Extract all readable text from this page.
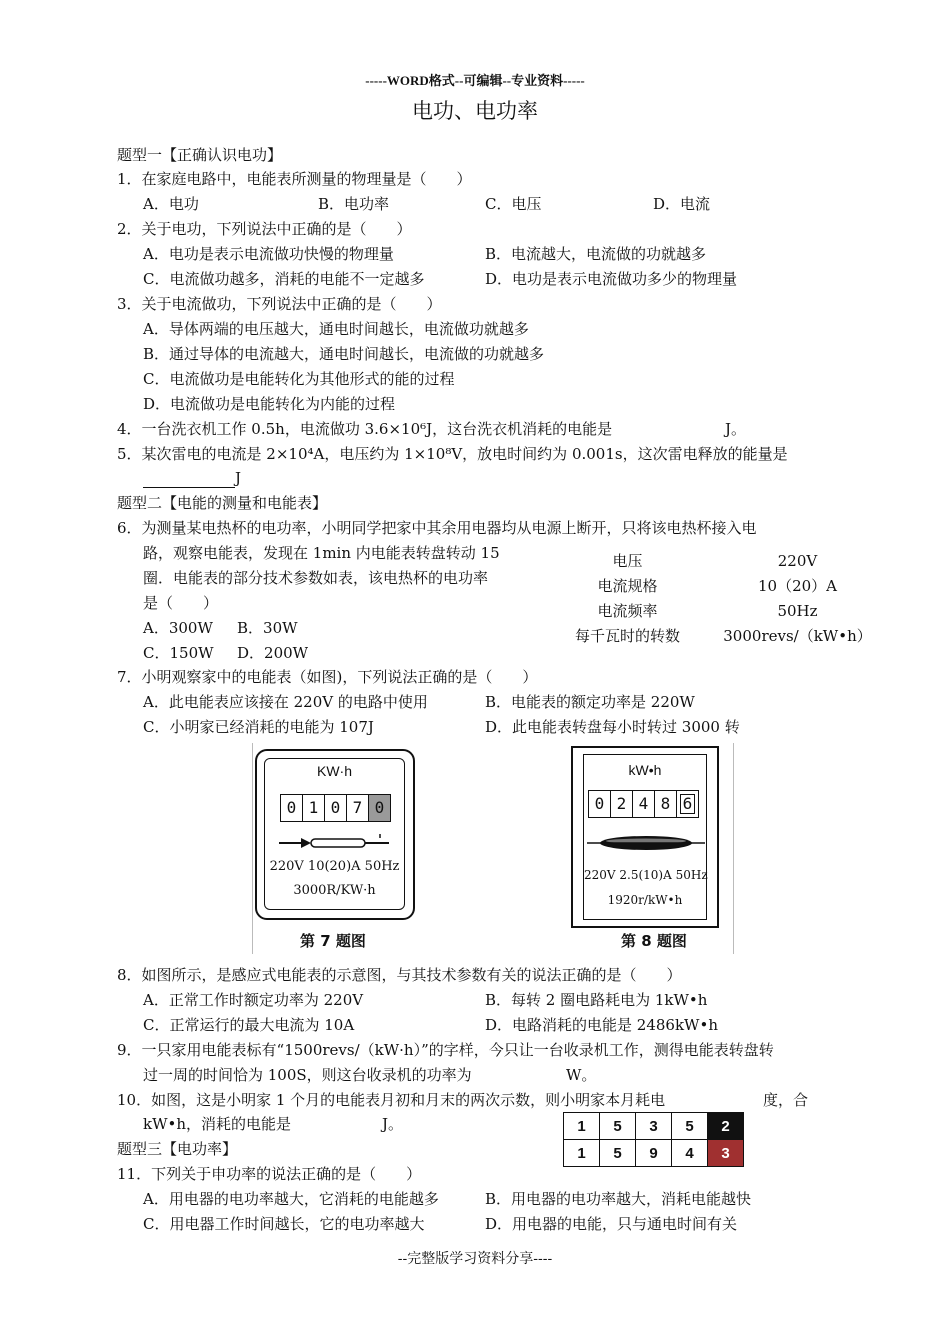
-----WORD格式--可编辑--专业资料-----
电功、电功率
题型一【正确认识电功】
1．在家庭电路中，电能表所测量的物理量是（　　）
A．电功	B．电功率	C．电压	D．电流
2．关于电功，下列说法中正确的是（　　）
A．电功是表示电流做功快慢的物理量	B．电流越大，电流做的功就越多
C．电流做功越多，消耗的电能不一定越多	D．电功是表示电流做功多少的物理量
3．关于电流做功，下列说法中正确的是（　　）
A．导体两端的电压越大，通电时间越长，电流做功就越多
B．通过导体的电流越大，通电时间越长，电流做的功就越多
C．电流做功是电能转化为其他形式的能的过程
D．电流做功是电能转化为内能的过程
4．一台洗衣机工作 0.5h，电流做功 3.6×10⁶J，这台洗衣机消耗的电能是	J。
5．某次雷电的电流是 2×10⁴A，电压约为 1×10⁸V，放电时间约为 0.001s，这次雷电释放的能量是
J
题型二【电能的测量和电能表】
6．为测量某电热杯的电功率，小明同学把家中其余用电器均从电源上断开，只将该电热杯接入电
路，观察电能表，发现在 1min 内电能表转盘转动 15
圈．电能表的部分技术参数如表，该电热杯的电功率
是（　　）
A．300W B．30W
C．150W D．200W
电压	220V
电流规格	10（20）A
电流频率	50Hz
每千瓦时的转数	3000revs/（kW•h）
7．小明观察家中的电能表（如图)，下列说法正确的是（　　）
A．此电能表应该接在 220V 的电路中使用	B．电能表的额定功率是 220W
C．小明家已经消耗的电能为 107J	D．此电能表转盘每小时转过 3000 转
KW·h
0 1 0 7 0
220V 10(20)A 50Hz
3000R/KW·h
第 7 题图
kW•h
0 2 4 8 6
220V 2.5(10)A 50Hz
1920r/kW•h
第 8 题图
8．如图所示，是感应式电能表的示意图，与其技术参数有关的说法正确的是（　　）
A．正常工作时额定功率为 220V	B．每转 2 圈电路耗电为 1kW•h
C．正常运行的最大电流为 10A	D．电路消耗的电能是 2486kW•h
9．一只家用电能表标有“1500revs/（kW·h）”的字样，今只让一台收录机工作，测得电能表转盘转
过一周的时间恰为 100S，则这台收录机的功率为	W。
10．如图，这是小明家 1 个月的电能表月初和月末的两次示数，则小明家本月耗电	度，合
kW•h，消耗的电能是	J。	1	5	3	5	2
1	5	9	4	3
题型三【电功率】
11．下列关于申功率的说法正确的是（　　）
A．用电器的电功率越大，它消耗的电能越多	B．用电器的电功率越大，消耗电能越快
C．用电器工作时间越长，它的电功率越大	D．用电器的电能，只与通电时间有关
--完整版学习资料分享----
